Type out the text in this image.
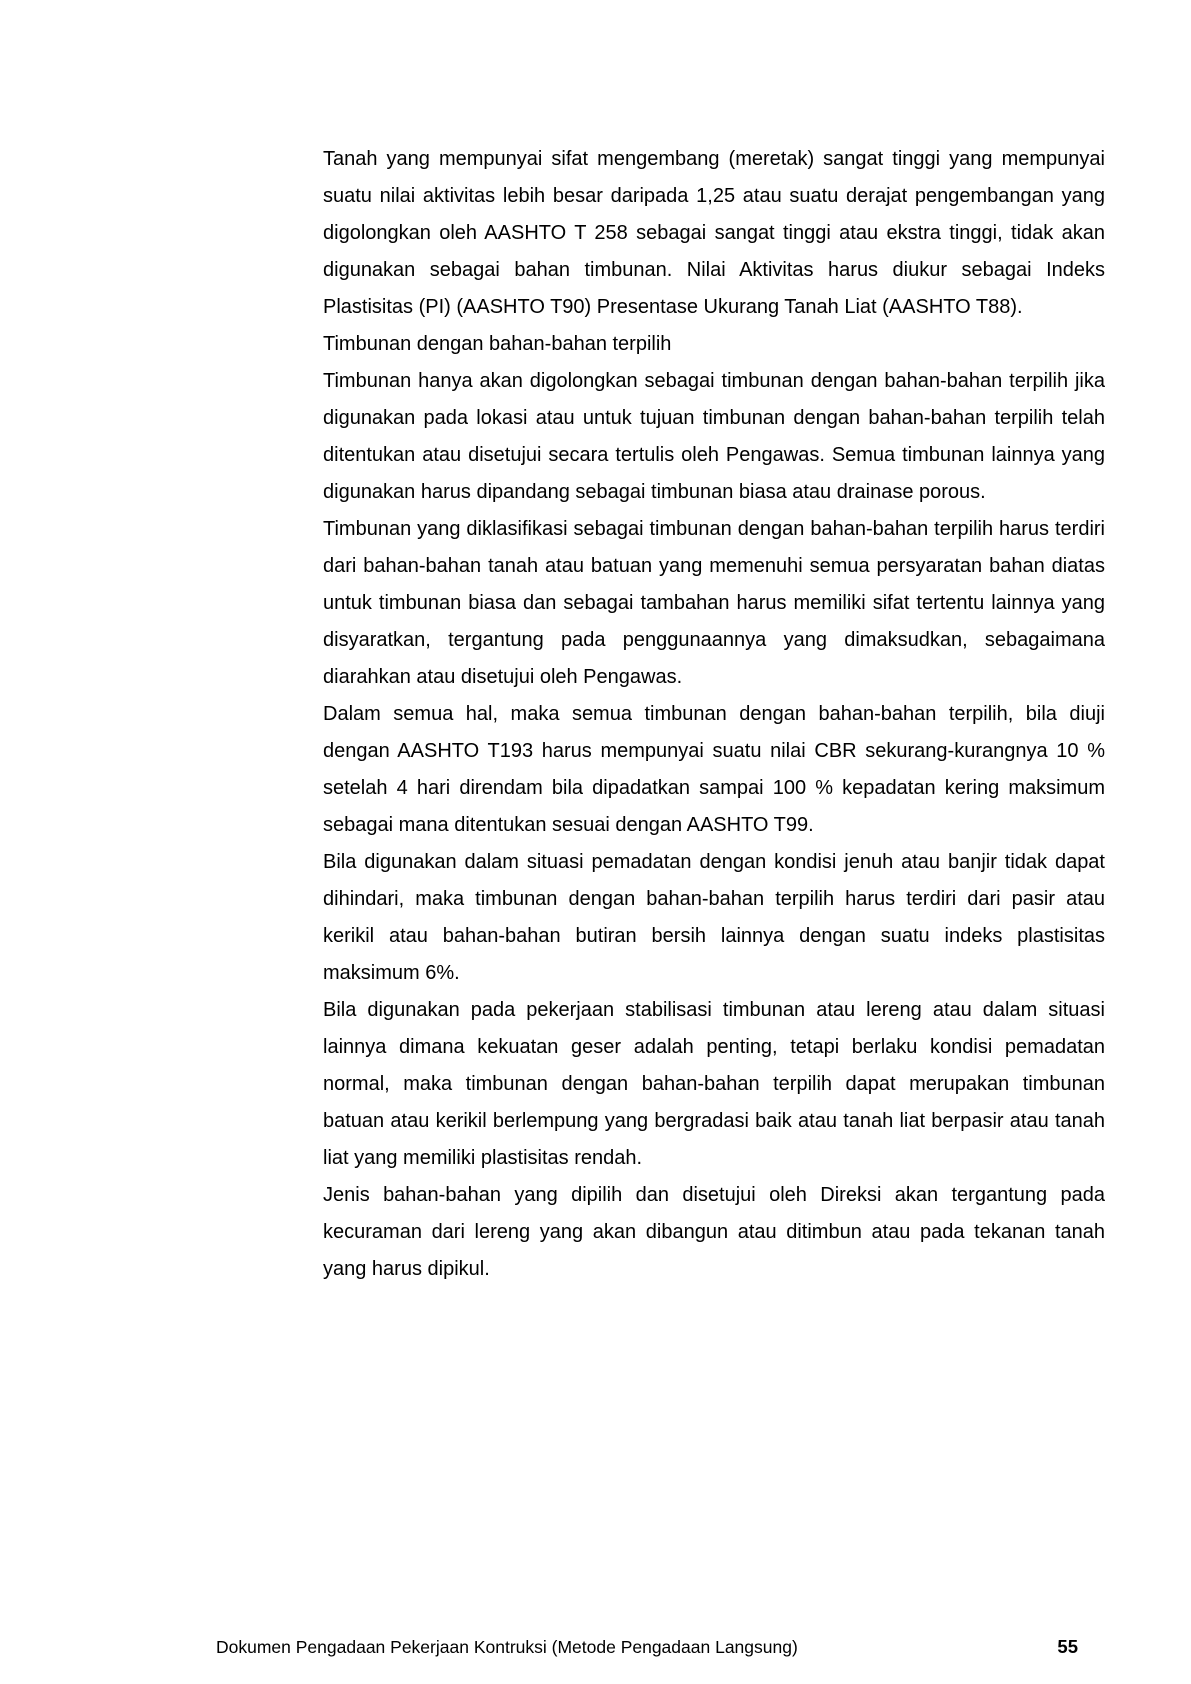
Tanah yang mempunyai sifat mengembang (meretak) sangat tinggi yang mempunyai suatu nilai aktivitas lebih besar daripada 1,25 atau suatu derajat pengembangan yang digolongkan oleh AASHTO T 258 sebagai sangat tinggi atau ekstra tinggi, tidak akan digunakan sebagai bahan timbunan. Nilai Aktivitas harus diukur sebagai Indeks Plastisitas (PI) (AASHTO T90) Presentase Ukurang Tanah Liat (AASHTO T88).

Timbunan dengan bahan-bahan terpilih

Timbunan hanya akan digolongkan sebagai timbunan dengan bahan-bahan terpilih jika digunakan pada lokasi atau untuk tujuan timbunan dengan bahan-bahan terpilih telah ditentukan atau disetujui secara tertulis oleh Pengawas. Semua timbunan lainnya yang digunakan harus dipandang sebagai timbunan biasa atau drainase porous.

Timbunan yang diklasifikasi sebagai timbunan dengan bahan-bahan terpilih harus terdiri dari bahan-bahan tanah atau batuan yang memenuhi semua persyaratan bahan diatas untuk timbunan biasa dan sebagai tambahan harus memiliki sifat tertentu lainnya yang disyaratkan, tergantung pada penggunaannya yang dimaksudkan, sebagaimana diarahkan atau disetujui oleh Pengawas.

Dalam semua hal, maka semua timbunan dengan bahan-bahan terpilih, bila diuji dengan AASHTO T193 harus mempunyai suatu nilai CBR sekurang-kurangnya 10 % setelah 4 hari direndam bila dipadatkan sampai 100 % kepadatan kering maksimum sebagai mana ditentukan sesuai dengan AASHTO T99.

Bila digunakan dalam situasi pemadatan dengan kondisi jenuh atau banjir tidak dapat dihindari, maka timbunan dengan bahan-bahan terpilih harus terdiri dari pasir atau kerikil atau bahan-bahan butiran bersih lainnya dengan suatu indeks plastisitas maksimum 6%.

Bila digunakan pada pekerjaan stabilisasi timbunan atau lereng atau dalam situasi lainnya dimana kekuatan geser adalah penting, tetapi berlaku kondisi pemadatan normal, maka timbunan dengan bahan-bahan terpilih dapat merupakan timbunan batuan atau kerikil berlempung yang bergradasi baik atau tanah liat berpasir atau tanah liat yang memiliki plastisitas rendah.

Jenis bahan-bahan yang dipilih dan disetujui oleh Direksi akan tergantung pada kecuraman dari lereng yang akan dibangun atau ditimbun atau pada tekanan tanah yang harus dipikul.

Dokumen Pengadaan Pekerjaan Kontruksi (Metode Pengadaan Langsung)	55
